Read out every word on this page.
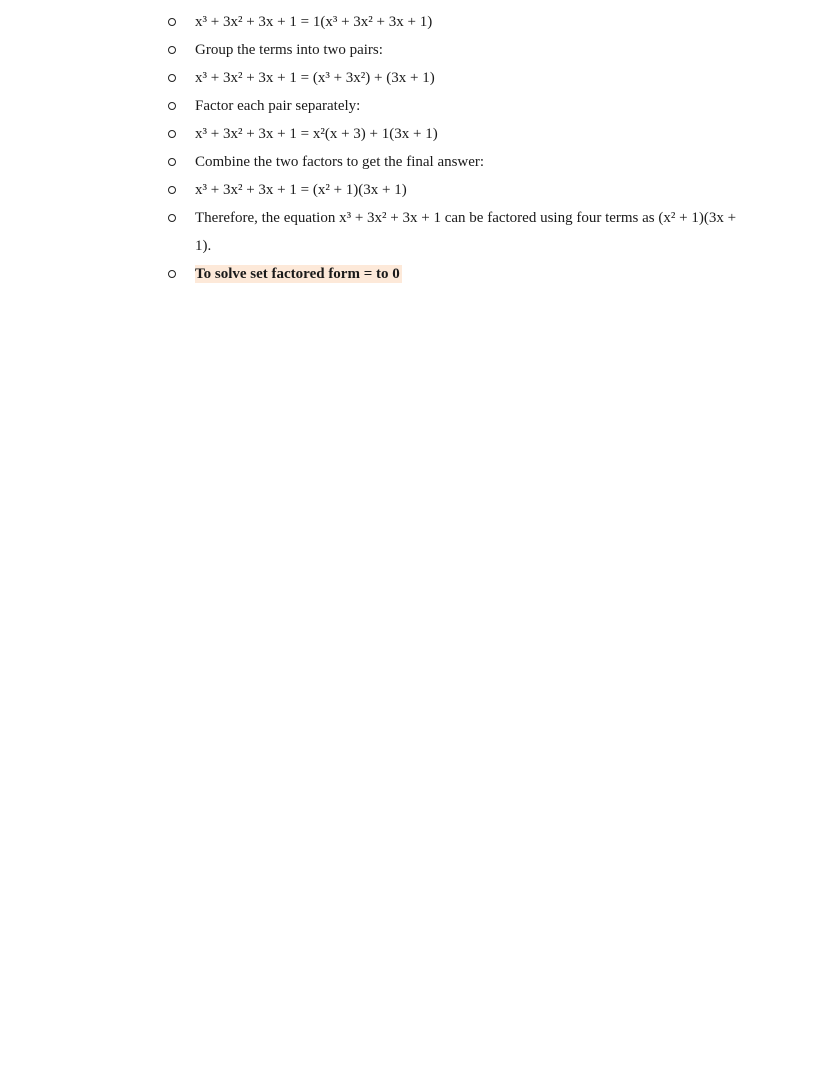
x³ + 3x² + 3x + 1 = 1(x³ + 3x² + 3x + 1)
Group the terms into two pairs:
x³ + 3x² + 3x + 1 = (x³ + 3x²) + (3x + 1)
Factor each pair separately:
x³ + 3x² + 3x + 1 = x²(x + 3) + 1(3x + 1)
Combine the two factors to get the final answer:
x³ + 3x² + 3x + 1 = (x² + 1)(3x + 1)
Therefore, the equation x³ + 3x² + 3x + 1 can be factored using four terms as (x² + 1)(3x + 1).
To solve set factored form = to 0
